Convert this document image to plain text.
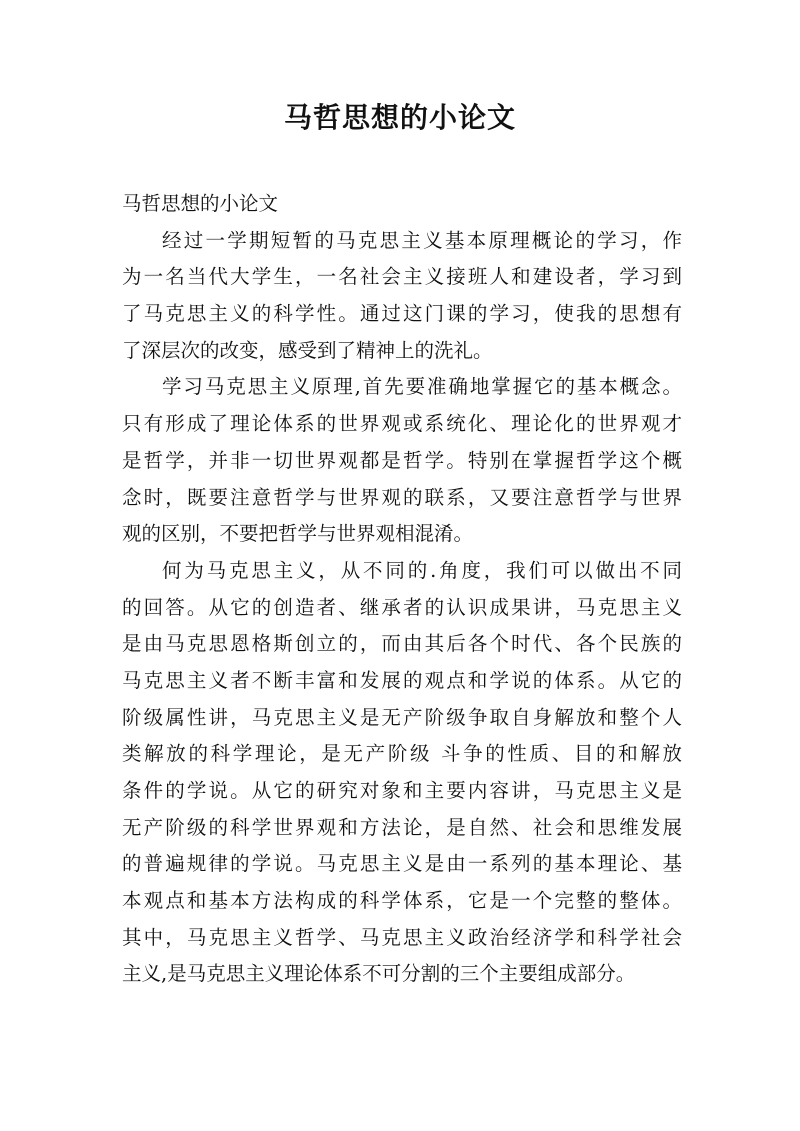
马哲思想的小论文
马哲思想的小论文
经过一学期短暂的马克思主义基本原理概论的学习，作
为一名当代大学生，一名社会主义接班人和建设者，学习到
了马克思主义的科学性。通过这门课的学习，使我的思想有
了深层次的改变，感受到了精神上的洗礼。
学习马克思主义原理,首先要准确地掌握它的基本概念。
只有形成了理论体系的世界观或系统化、理论化的世界观才
是哲学，并非一切世界观都是哲学。特别在掌握哲学这个概
念时，既要注意哲学与世界观的联系，又要注意哲学与世界
观的区别，不要把哲学与世界观相混淆。
何为马克思主义，从不同的.角度，我们可以做出不同
的回答。从它的创造者、继承者的认识成果讲，马克思主义
是由马克思恩格斯创立的，而由其后各个时代、各个民族的
马克思主义者不断丰富和发展的观点和学说的体系。从它的
阶级属性讲，马克思主义是无产阶级争取自身解放和整个人
类解放的科学理论，是无产阶级 斗争的性质、目的和解放
条件的学说。从它的研究对象和主要内容讲，马克思主义是
无产阶级的科学世界观和方法论，是自然、社会和思维发展
的普遍规律的学说。马克思主义是由一系列的基本理论、基
本观点和基本方法构成的科学体系，它是一个完整的整体。
其中，马克思主义哲学、马克思主义政治经济学和科学社会
主义,是马克思主义理论体系不可分割的三个主要组成部分。
